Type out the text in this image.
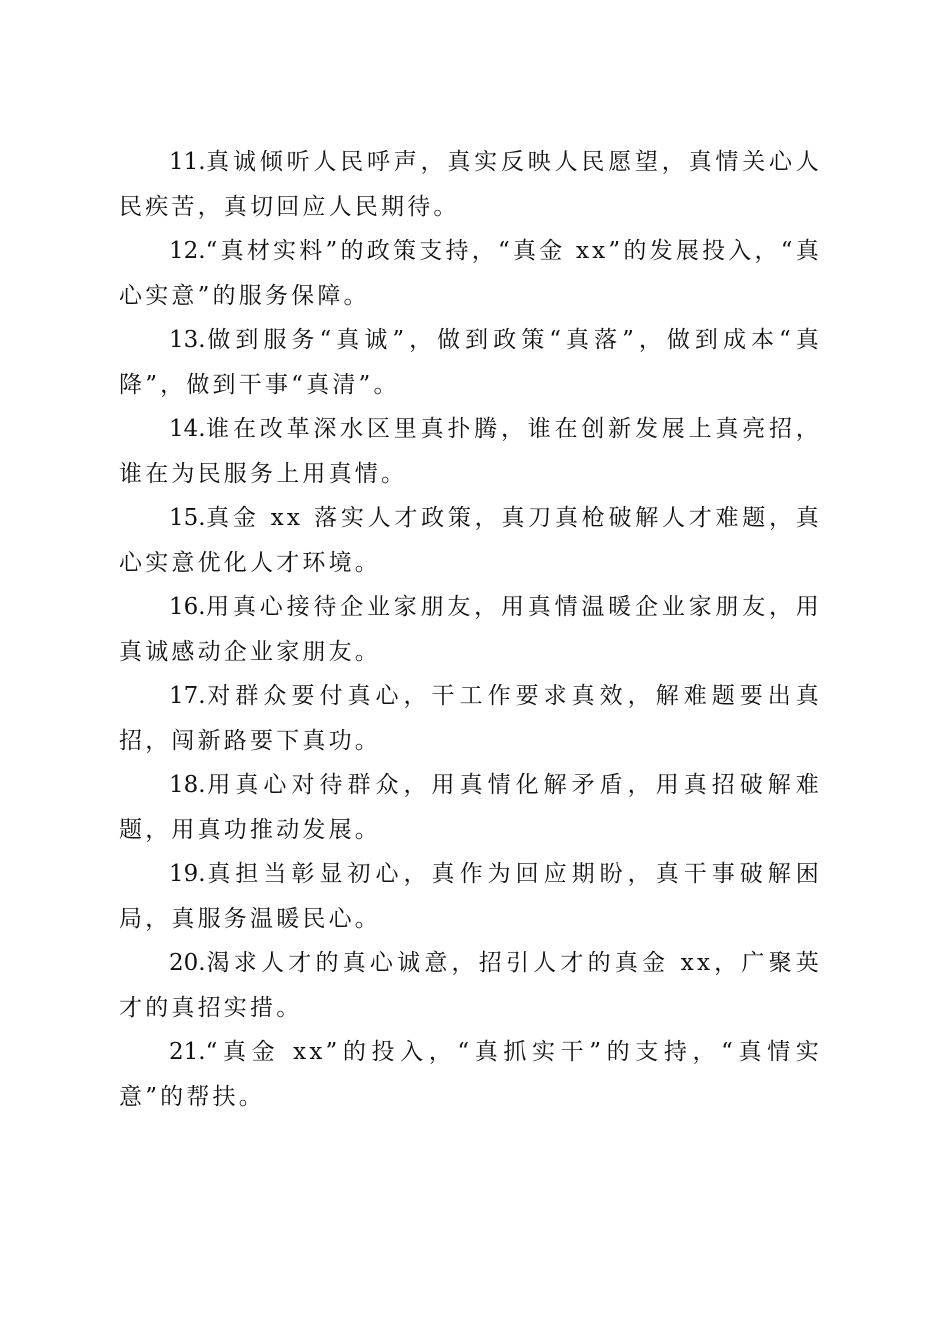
11.真诚倾听人民呼声，真实反映人民愿望，真情关心人民疾苦，真切回应人民期待。

12.“真材实料”的政策支持，“真金 xx”的发展投入，“真心实意”的服务保障。

13.做到服务“真诚”，做到政策“真落”，做到成本“真降”，做到干事“真清”。

14.谁在改革深水区里真扑腾，谁在创新发展上真亮招，谁在为民服务上用真情。

15.真金 xx 落实人才政策，真刀真枪破解人才难题，真心实意优化人才环境。

16.用真心接待企业家朋友，用真情温暖企业家朋友，用真诚感动企业家朋友。

17.对群众要付真心，干工作要求真效，解难题要出真招，闯新路要下真功。

18.用真心对待群众，用真情化解矛盾，用真招破解难题，用真功推动发展。

19.真担当彰显初心，真作为回应期盼，真干事破解困局，真服务温暖民心。

20.渴求人才的真心诚意，招引人才的真金 xx，广聚英才的真招实措。

21.“真金 xx”的投入，“真抓实干”的支持，“真情实意”的帮扶。
